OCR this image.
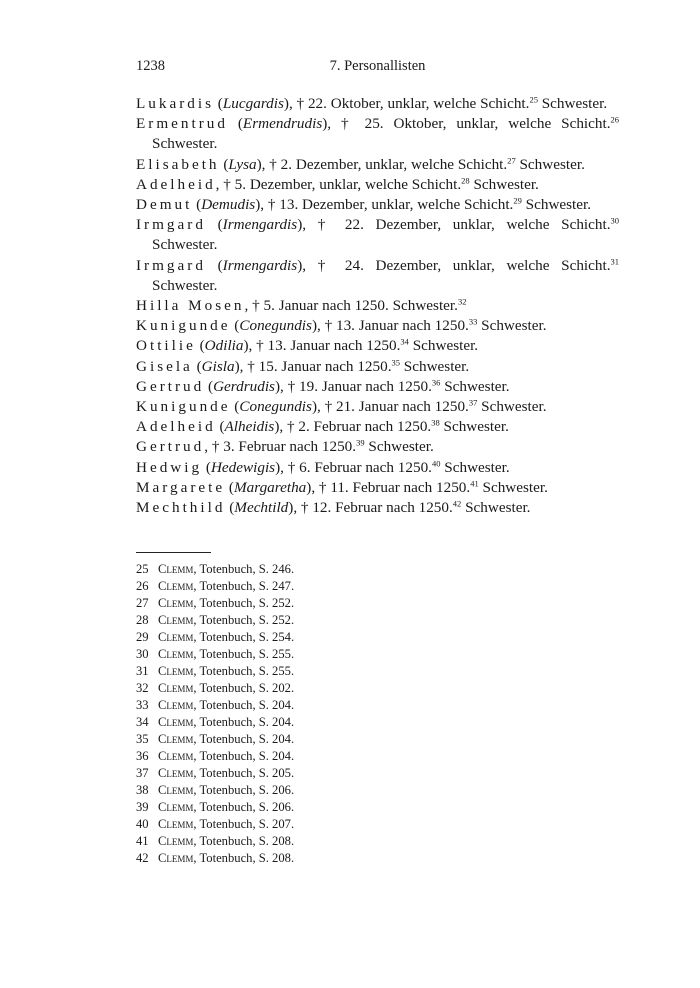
1238	7. Personallisten
Lukardis (Lucgardis), † 22. Oktober, unklar, welche Schicht.$^{25}$ Schwester.
Ermentrud (Ermendrudis), † 25. Oktober, unklar, welche Schicht.$^{26}$ Schwester.
Elisabeth (Lysa), † 2. Dezember, unklar, welche Schicht.$^{27}$ Schwester.
Adelheid, † 5. Dezember, unklar, welche Schicht.$^{28}$ Schwester.
Demut (Demudis), † 13. Dezember, unklar, welche Schicht.$^{29}$ Schwester.
Irmgard (Irmengardis), † 22. Dezember, unklar, welche Schicht.$^{30}$ Schwester.
Irmgard (Irmengardis), † 24. Dezember, unklar, welche Schicht.$^{31}$ Schwester.
Hilla Mosen, † 5. Januar nach 1250. Schwester.$^{32}$
Kunigunde (Conegundis), † 13. Januar nach 1250.33 Schwester.
Ottilie (Odilia), † 13. Januar nach 1250.34 Schwester.
Gisela (Gisla), † 15. Januar nach 1250.35 Schwester.
Gertrud (Gerdrudis), † 19. Januar nach 1250.36 Schwester.
Kunigunde (Conegundis), † 21. Januar nach 1250.37 Schwester.
Adelheid (Alheidis), † 2. Februar nach 1250.38 Schwester.
Gertrud, † 3. Februar nach 1250.39 Schwester.
Hedwig (Hedewigis), † 6. Februar nach 1250.40 Schwester.
Margarete (Margaretha), † 11. Februar nach 1250.41 Schwester.
Mechthild (Mechtild), † 12. Februar nach 1250.42 Schwester.
25 Clemm, Totenbuch, S. 246.
26 Clemm, Totenbuch, S. 247.
27 Clemm, Totenbuch, S. 252.
28 Clemm, Totenbuch, S. 252.
29 Clemm, Totenbuch, S. 254.
30 Clemm, Totenbuch, S. 255.
31 Clemm, Totenbuch, S. 255.
32 Clemm, Totenbuch, S. 202.
33 Clemm, Totenbuch, S. 204.
34 Clemm, Totenbuch, S. 204.
35 Clemm, Totenbuch, S. 204.
36 Clemm, Totenbuch, S. 204.
37 Clemm, Totenbuch, S. 205.
38 Clemm, Totenbuch, S. 206.
39 Clemm, Totenbuch, S. 206.
40 Clemm, Totenbuch, S. 207.
41 Clemm, Totenbuch, S. 208.
42 Clemm, Totenbuch, S. 208.
